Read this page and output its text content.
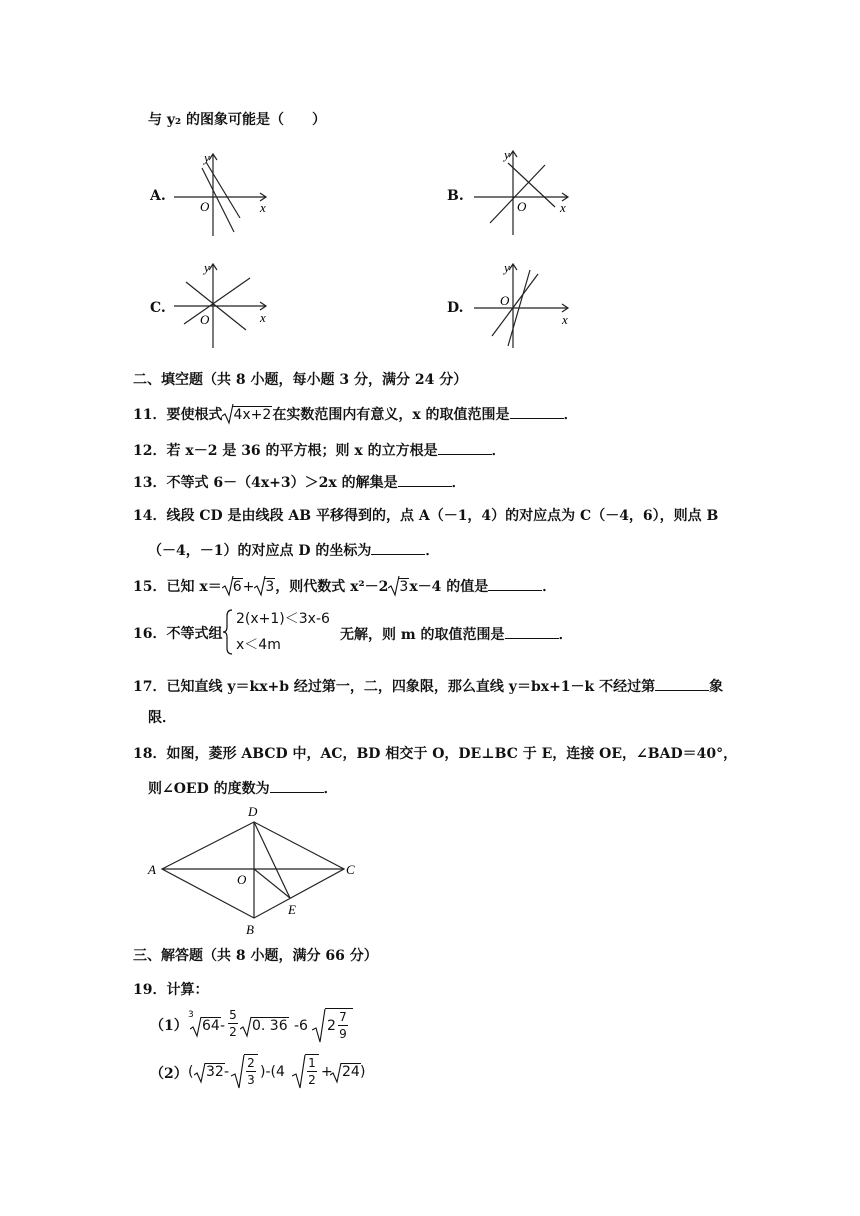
与 y₂ 的图象可能是（　　）
A.
y
x
O
B.
y
x
O
C.
y
x
O
D.
y
x
O
二、填空题（共 8 小题，每小题 3 分，满分 24 分）
11．要使根式 4x+2在实数范围内有意义，x 的取值范围是	．
12．若 x－2 是 36 的平方根；则 x 的立方根是	．
13．不等式 6－（4x+3）＞2x 的解集是	．
14．线段 CD 是由线段 AB 平移得到的，点 A（－1，4）的对应点为 C（－4，6），则点 B
（－4，－1）的对应点 D 的坐标为	．
15．已知 x＝ 6+ 3，则代数式 x²－2 3x－4 的值是	．
16．不等式组
2(x+1)＜3x-6
x＜4m
无解，则 m 的取值范围是	．
17．已知直线 y＝kx+b 经过第一，二，四象限，那么直线 y＝bx+1－k 不经过第	象
限．
18．如图，菱形 ABCD 中，AC，BD 相交于 O，DE⊥BC 于 E，连接 OE，∠BAD＝40°，
则∠OED 的度数为	．
A
D
C
B
O
E
三、解答题（共 8 小题，满分 66 分）
19．计算：
（1）
3
64 -
5
2 0. 36 -6 2
7
9
（2） ( 32 -
2
3 )-(4
1
2 + 24 )
